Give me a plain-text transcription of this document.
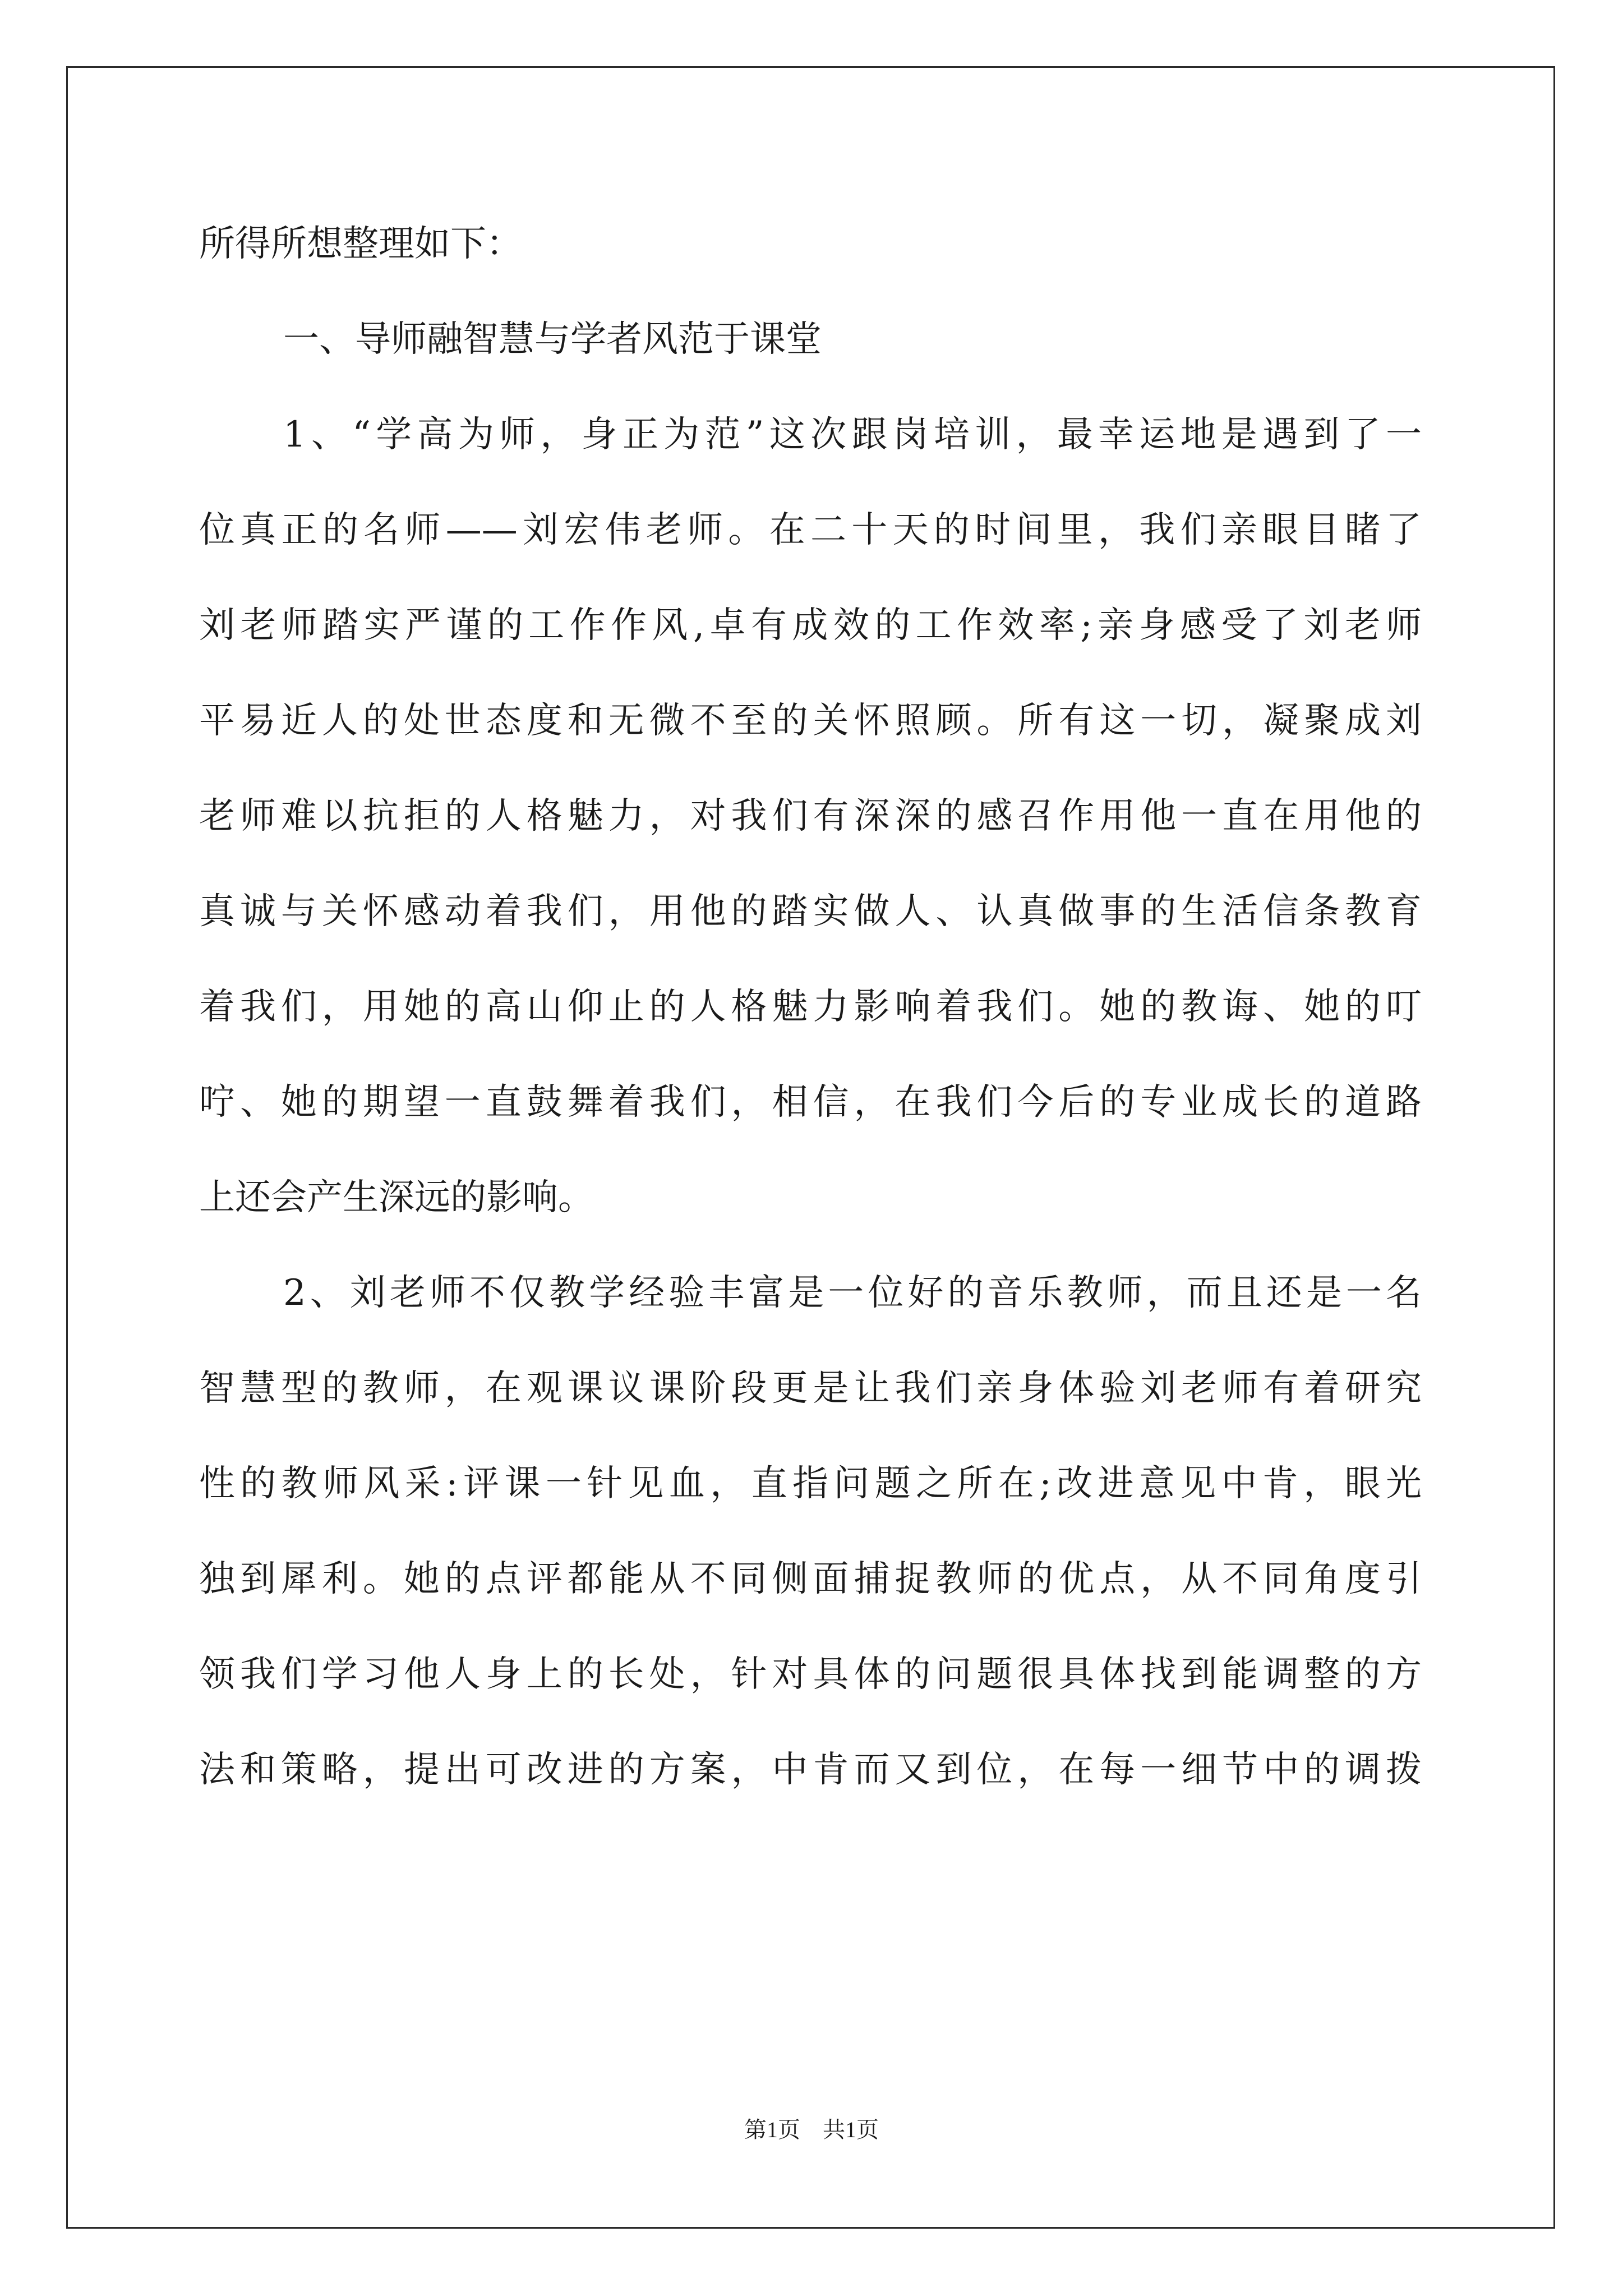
所得所想整理如下：
一、导师融智慧与学者风范于课堂
1、“学高为师，身正为范”这次跟岗培训，最幸运地是遇到了一
位真正的名师——刘宏伟老师。在二十天的时间里，我们亲眼目睹了
刘老师踏实严谨的工作作风,卓有成效的工作效率;亲身感受了刘老师
平易近人的处世态度和无微不至的关怀照顾。所有这一切，凝聚成刘
老师难以抗拒的人格魅力，对我们有深深的感召作用他一直在用他的
真诚与关怀感动着我们，用他的踏实做人、认真做事的生活信条教育
着我们，用她的高山仰止的人格魅力影响着我们。她的教诲、她的叮
咛、她的期望一直鼓舞着我们，相信，在我们今后的专业成长的道路
上还会产生深远的影响。
2、刘老师不仅教学经验丰富是一位好的音乐教师，而且还是一名
智慧型的教师，在观课议课阶段更是让我们亲身体验刘老师有着研究
性的教师风采:评课一针见血，直指问题之所在;改进意见中肯，眼光
独到犀利。她的点评都能从不同侧面捕捉教师的优点，从不同角度引
领我们学习他人身上的长处，针对具体的问题很具体找到能调整的方
法和策略，提出可改进的方案，中肯而又到位，在每一细节中的调拨
第1页　共1页
